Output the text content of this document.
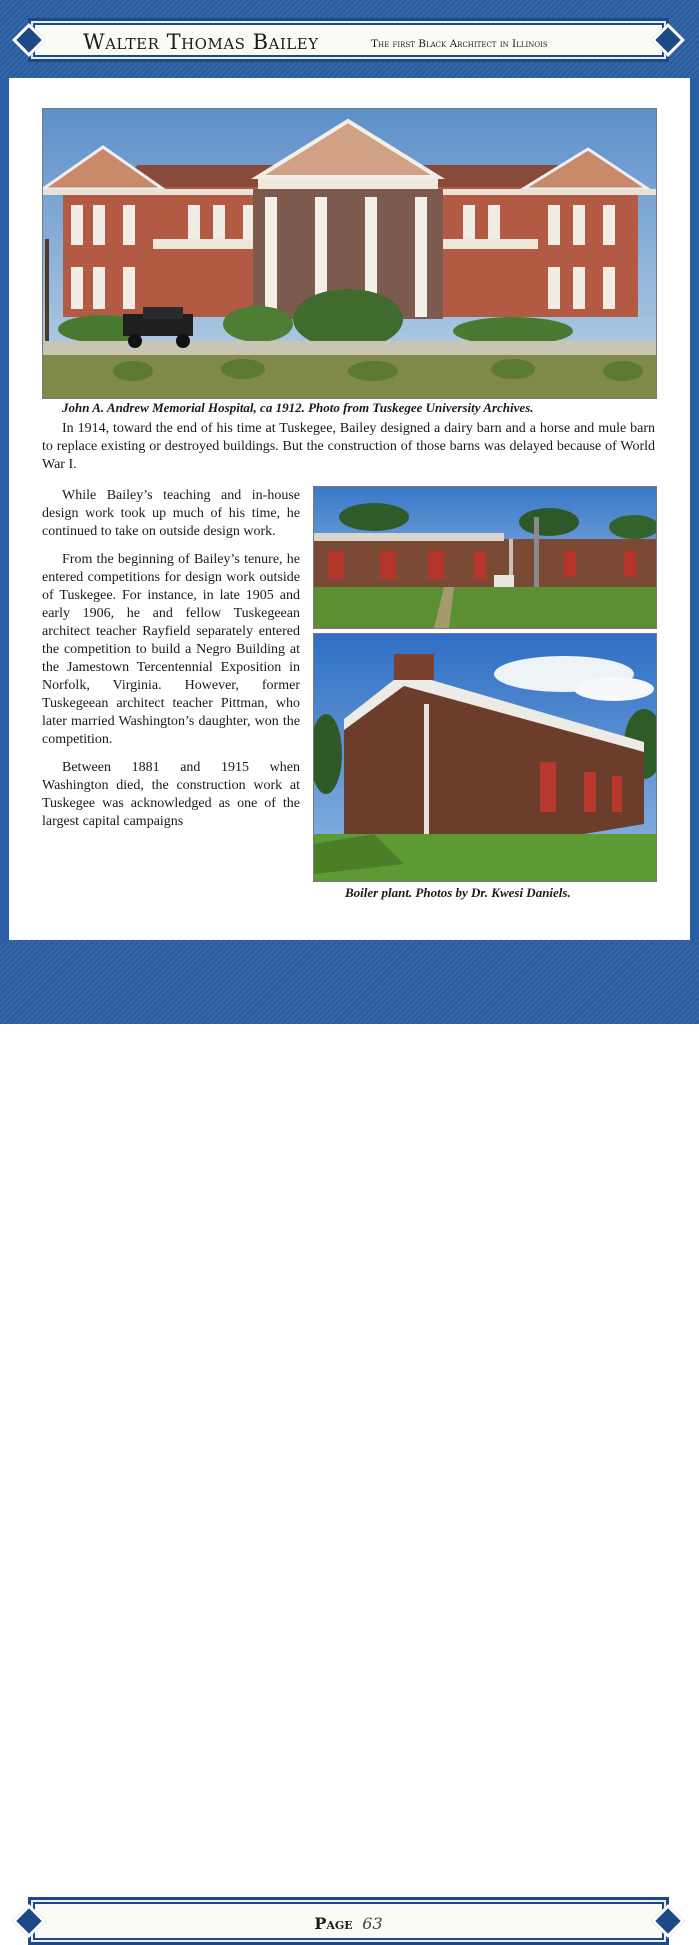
Walter Thomas Bailey	The first Black Architect in Illinois
John A. Andrew Memorial Hospital, ca 1912. Photo from Tuskegee University Archives.
In 1914, toward the end of his time at Tuskegee, Bailey designed a dairy barn and a horse and mule barn to replace existing or destroyed buildings. But the construction of those barns was delayed because of World War I.

While Bailey’s teaching and in-house design work took up much of his time, he continued to take on outside design work.

From the beginning of Bailey’s tenure, he entered competitions for design work outside of Tuskegee. For instance, in late 1905 and early 1906, he and fellow Tuskegeean architect teacher Rayfield separately entered the competition to build a Negro Building at the Jamestown Tercentennial Exposition in Norfolk, Virginia. However, former Tuskegeean architect teacher Pittman, who later married Washington’s daughter, won the competition.

Between 1881 and 1915 when Washington died, the construction work at Tuskegee was acknowledged as one of the largest capital campaigns

Boiler plant. Photos by Dr. Kwesi Daniels.
Page 63
